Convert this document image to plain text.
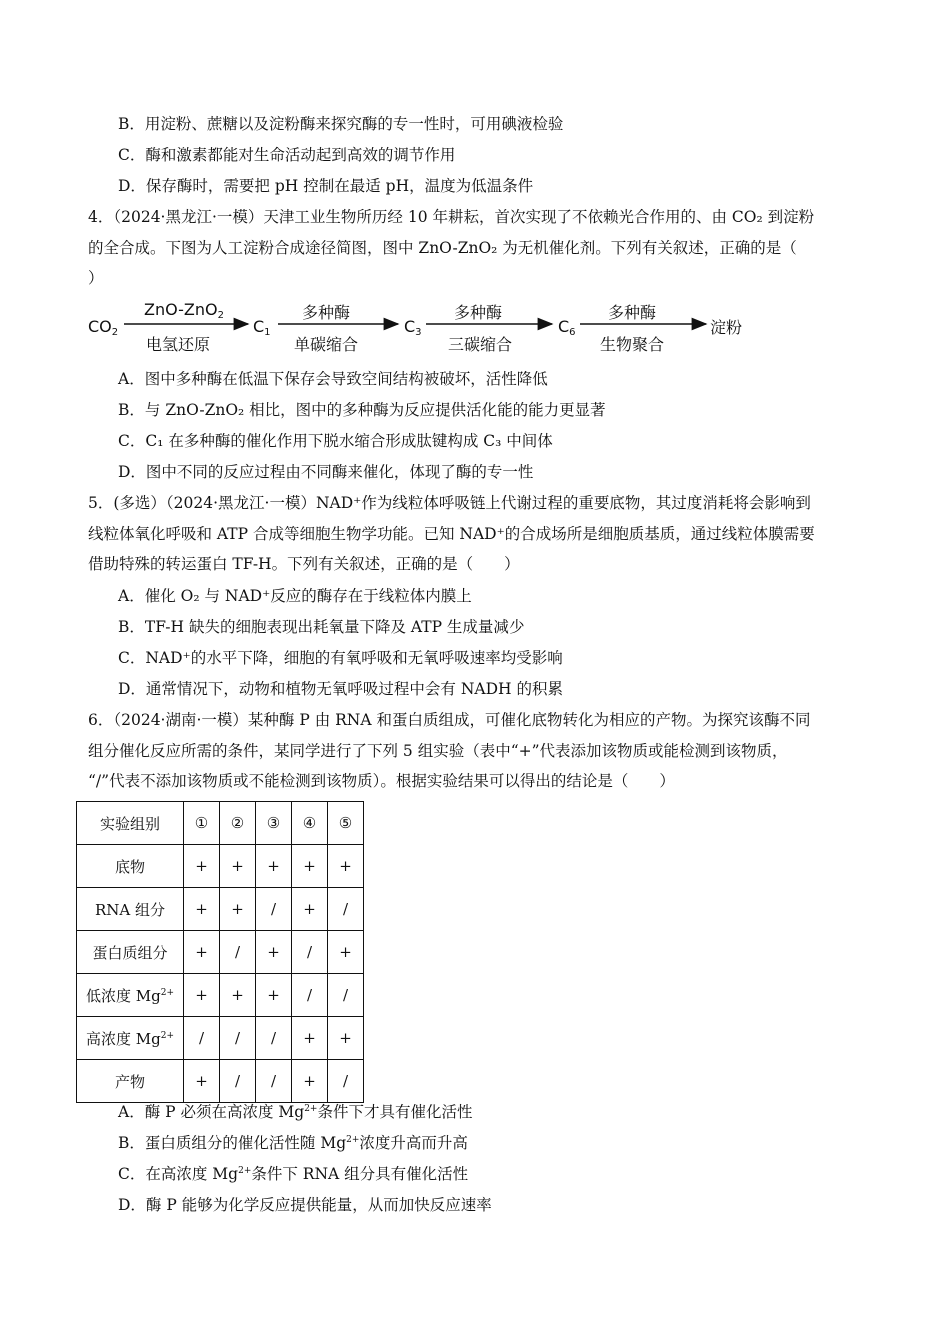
B．用淀粉、蔗糖以及淀粉酶来探究酶的专一性时，可用碘液检验
C．酶和激素都能对生命活动起到高效的调节作用
D．保存酶时，需要把 pH 控制在最适 pH，温度为低温条件
4．（2024·黑龙江·一模）天津工业生物所历经 10 年耕耘，首次实现了不依赖光合作用的、由 CO₂ 到淀粉
的全合成。下图为人工淀粉合成途径简图，图中 ZnO-ZnO₂ 为无机催化剂。下列有关叙述，正确的是（
）
$CO_2$
ZnO-ZnO$_2$
电氢还原
$C_1$
多种酶
单碳缩合
$C_3$
多种酶
三碳缩合
$C_6$
多种酶
生物聚合
淀粉
A．图中多种酶在低温下保存会导致空间结构被破坏，活性降低
B．与 ZnO-ZnO₂ 相比，图中的多种酶为反应提供活化能的能力更显著
C．C₁ 在多种酶的催化作用下脱水缩合形成肽键构成 C₃ 中间体
D．图中不同的反应过程由不同酶来催化，体现了酶的专一性
5．(多选）（2024·黑龙江·一模）NAD⁺作为线粒体呼吸链上代谢过程的重要底物，其过度消耗将会影响到
线粒体氧化呼吸和 ATP 合成等细胞生物学功能。已知 NAD⁺的合成场所是细胞质基质，通过线粒体膜需要
借助特殊的转运蛋白 TF-H。下列有关叙述，正确的是（　　）
A．催化 O₂ 与 NAD⁺反应的酶存在于线粒体内膜上
B．TF-H 缺失的细胞表现出耗氧量下降及 ATP 生成量减少
C．NAD⁺的水平下降，细胞的有氧呼吸和无氧呼吸速率均受影响
D．通常情况下，动物和植物无氧呼吸过程中会有 NADH 的积累
6．（2024·湖南·一模）某种酶 P 由 RNA 和蛋白质组成，可催化底物转化为相应的产物。为探究该酶不同
组分催化反应所需的条件，某同学进行了下列 5 组实验（表中“+”代表添加该物质或能检测到该物质，
“/”代表不添加该物质或不能检测到该物质）。根据实验结果可以得出的结论是（　　）
实验组别	①	②	③	④	⑤
底物	+	+	+	+	+
RNA 组分	+	+	/	+	/
蛋白质组分	+	/	+	/	+
低浓度 $Mg^{2+}$	+	+	+	/	/
高浓度 $Mg^{2+}$	/	/	/	+	+
产物	+	/	/	+	/
A．酶 P 必须在高浓度 $Mg^{2+}$条件下才具有催化活性
B．蛋白质组分的催化活性随 $Mg^{2+}$浓度升高而升高
C．在高浓度 $Mg^{2+}$条件下 RNA 组分具有催化活性
D．酶 P 能够为化学反应提供能量，从而加快反应速率
